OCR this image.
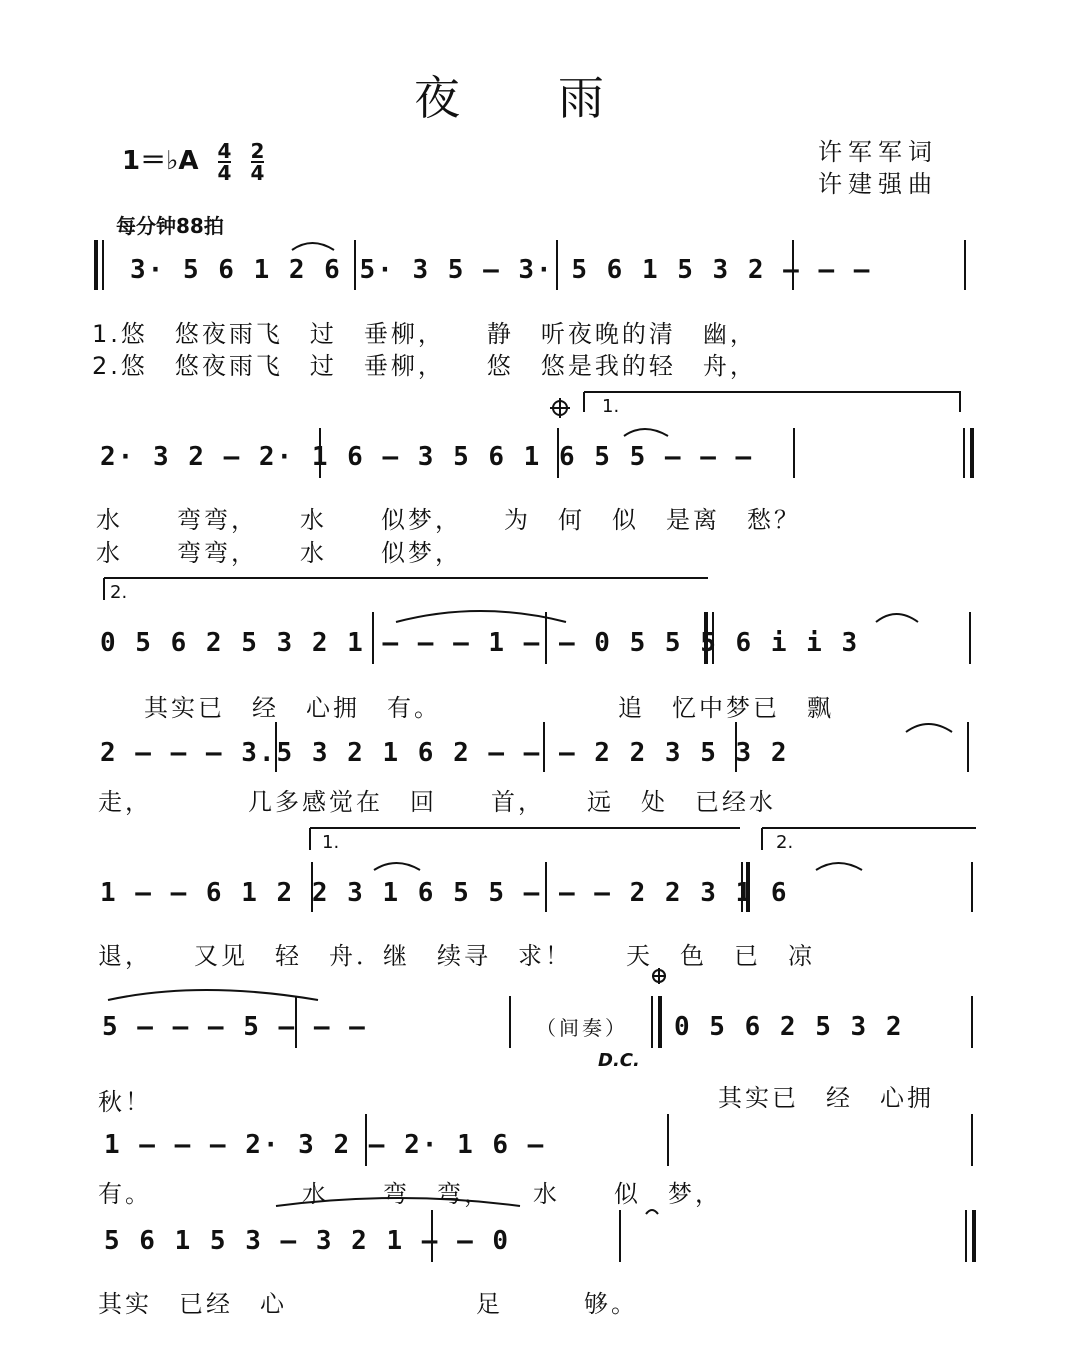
夜　　雨
许军军词
许建强曲
1＝♭A $\frac{4}{4}$
$\frac{2}{4}$
每分钟88拍
3· 5 6 1 2 6 5· 3 5 – 3· 5 6 1 5 3 2 – – –
1.悠　悠夜雨飞　过　垂柳，　　静　听夜晚的清　幽，
2.悠　悠夜雨飞　过　垂柳，　　悠　悠是我的轻　舟，
1.
2· 3 2 – 2· 1 6 – 3 5 6 1 6 5 5 – – –
水　　弯弯，　　水　　似梦，　　为　何　似　是离　愁？
水　　弯弯，　　水　　似梦，
2.
0 5 6 2 5 3 2 1 – – – 1 – – 0 5 5 5 6 i i 3
其实已　经　心拥　有。　　　　　　　追　忆中梦已　飘
2 – – – 3.5 3 2 1 6 2 – – – 2 2 3 5 3 2
走，　　　　几多感觉在　回　　首，　　远　处　已经水
1.	2.
1 – – 6 1 2 2 3 1 6 5 5 – – – 2 2 3 1 6
退，　　又见　轻　舟．继　续寻　求！　　天　色　已　凉
5 – – – 5 – – –	（间奏）
D.C.
0 5 6 2 5 3 2
秋！	其实已　经　心拥
1 – – – 2· 3 2 – 2· 1 6 –
有。　　　　　　水　　弯　弯，　　水　　似　梦，
5 6 1 5 3 – 3 2 1 – – 0
其实　已经　心　　　　　　　足　　　够。
